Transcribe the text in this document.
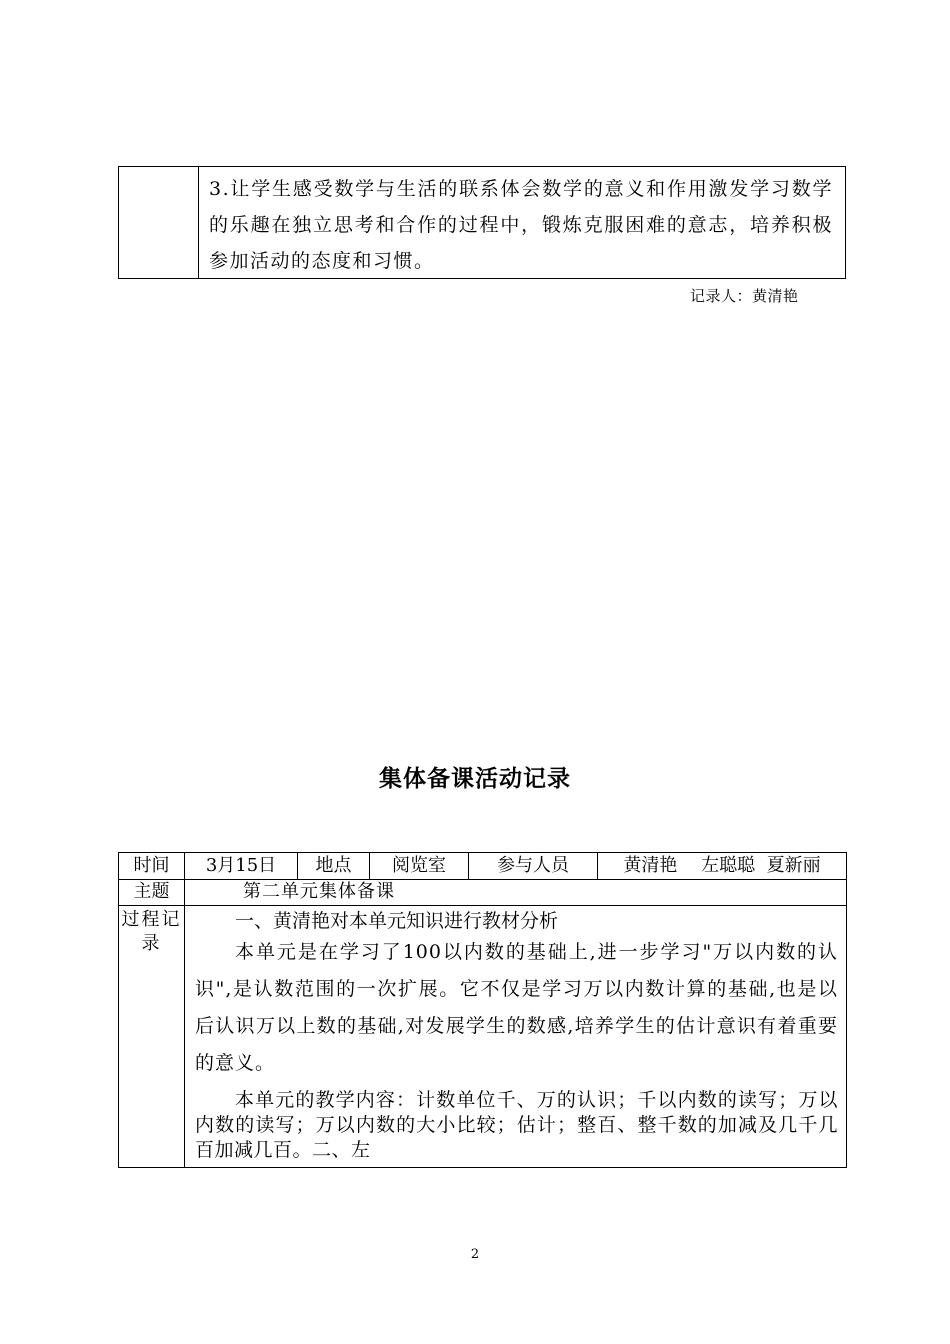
3.让学生感受数学与生活的联系体会数学的意义和作用激发学习数学的乐趣在独立思考和合作的过程中，锻炼克服困难的意志，培养积极参加活动的态度和习惯。
记录人：黄清艳
集体备课活动记录
时间	3月15日	地点	阅览室	参与人员	黄清艳　 左聪聪  夏新丽
主题	第二单元集体备课				
过程记录	一、黄清艳对本单元知识进行教材分析
本单元是在学习了100以内数的基础上,进一步学习"万以内数的认识",是认数范围的一次扩展。它不仅是学习万以内数计算的基础,也是以后认识万以上数的基础,对发展学生的数感,培养学生的估计意识有着重要的意义。
本单元的教学内容：计数单位千、万的认识；千以内数的读写；万以内数的读写；万以内数的大小比较；估计；整百、整千数的加减及几千几百加减几百。二、左				
2
